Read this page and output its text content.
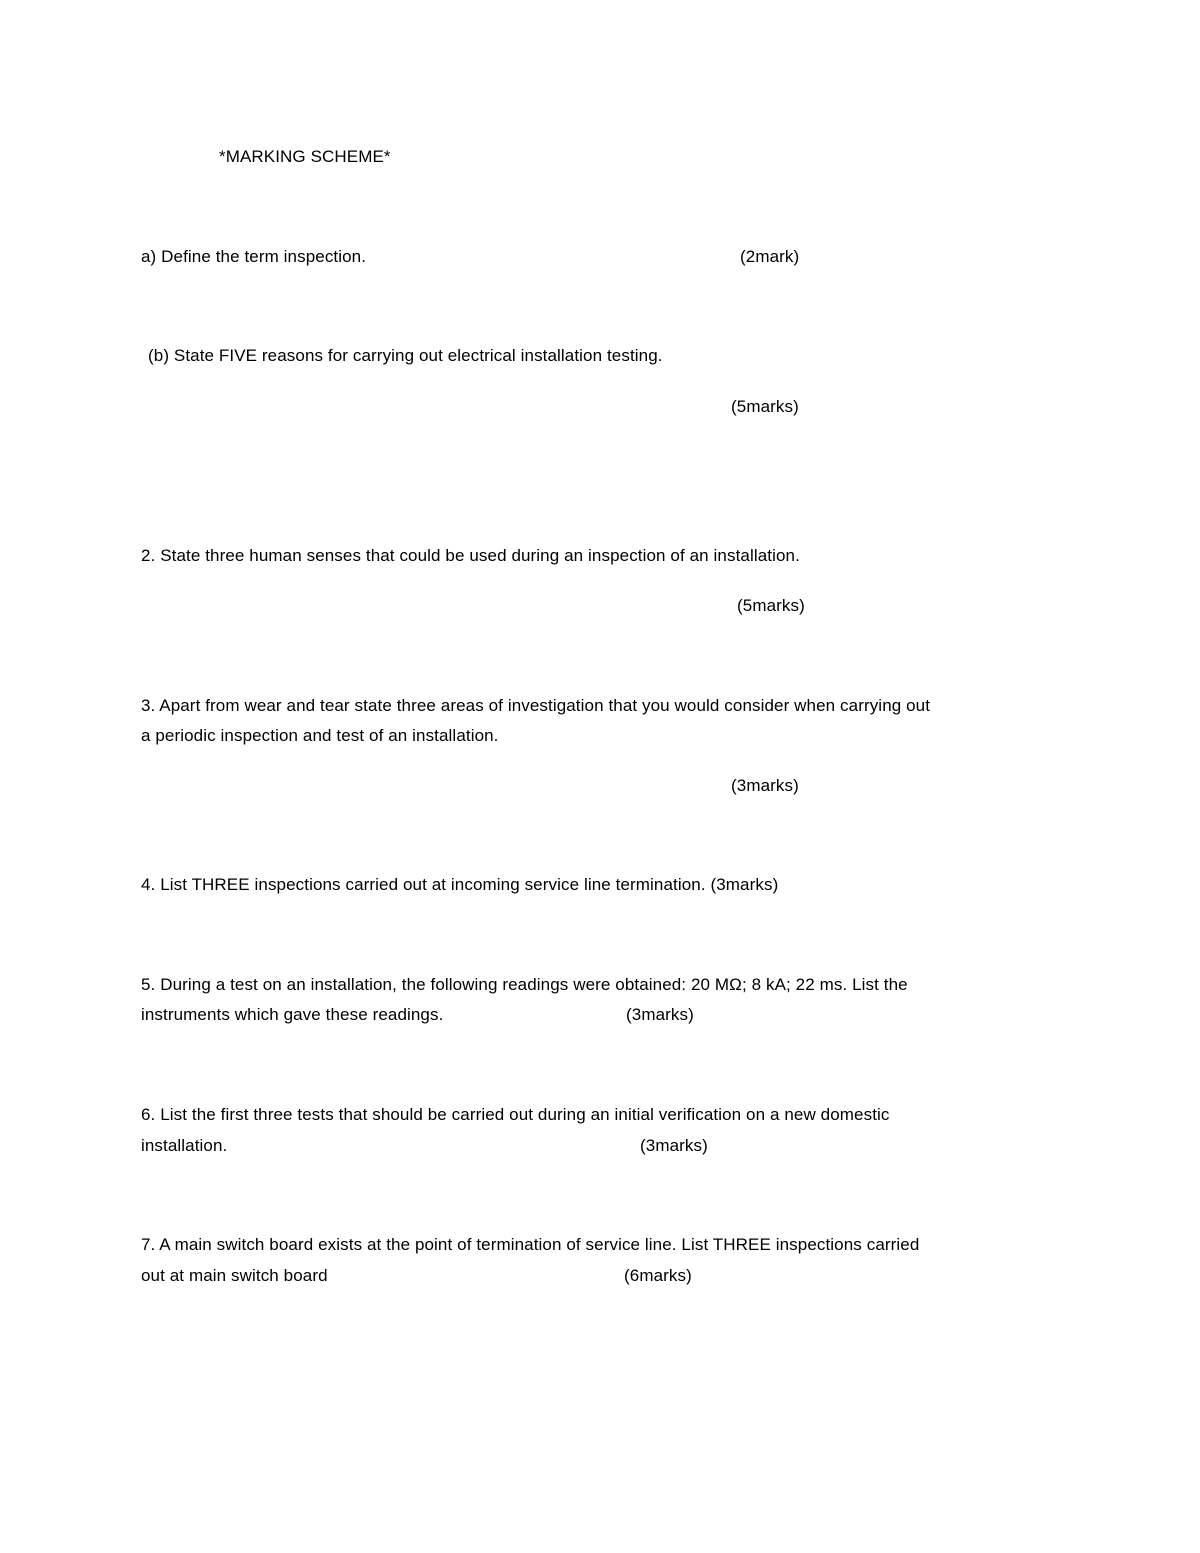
*MARKING SCHEME*
a) Define the term inspection.	(2mark)
(b) State FIVE reasons for carrying out electrical installation testing.
(5marks)
2. State three human senses that could be used during an inspection of an installation.
(5marks)
3. Apart from wear and tear state three areas of investigation that you would consider when carrying out
a periodic inspection and test of an installation.
(3marks)
4. List THREE inspections carried out at incoming service line termination. (3marks)
5. During a test on an installation, the following readings were obtained: 20 MΩ; 8 kA; 22 ms. List the
instruments which gave these readings.	(3marks)
6. List the first three tests that should be carried out during an initial verification on a new domestic
installation.	(3marks)
7. A main switch board exists at the point of termination of service line. List THREE inspections carried
out at main switch board	(6marks)
